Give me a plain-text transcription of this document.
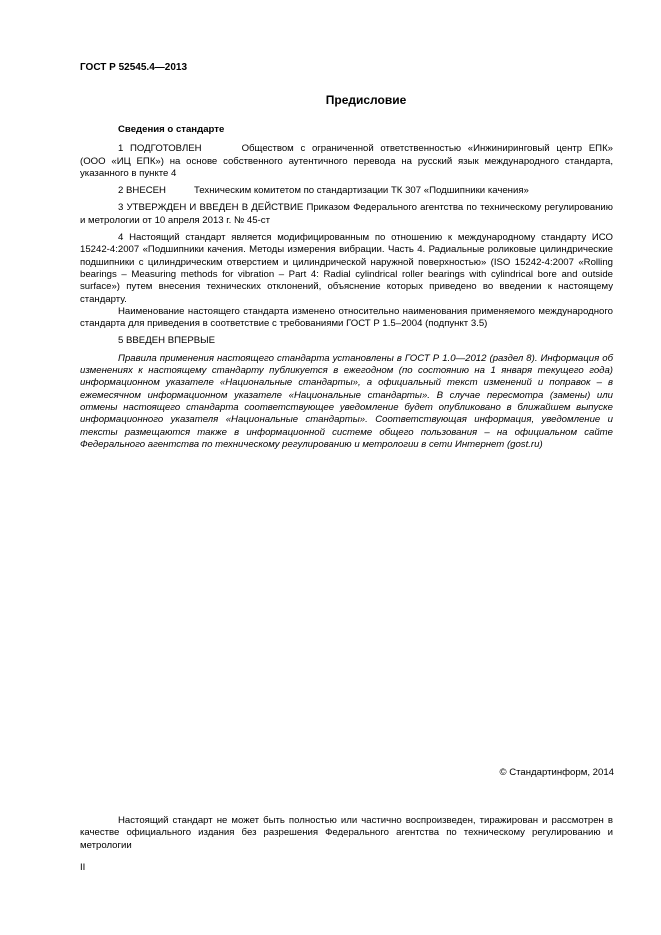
ГОСТ Р 52545.4—2013
Предисловие
Сведения о стандарте

1 ПОДГОТОВЛЕН	Обществом с ограниченной ответственностью «Инжиниринговый центр ЕПК» (ООО «ИЦ ЕПК») на основе собственного аутентичного перевода на русский язык международного стандарта, указанного в пункте 4

2 ВНЕСЕН	Техническим комитетом по стандартизации ТК 307 «Подшипники качения»

3 УТВЕРЖДЕН И ВВЕДЕН В ДЕЙСТВИЕ Приказом Федерального агентства по техническому регулированию и метрологии от 10 апреля 2013 г. № 45-ст

4 Настоящий стандарт является модифицированным по отношению к международному стандарту ИСО 15242-4:2007 «Подшипники качения. Методы измерения вибрации. Часть 4. Радиальные роликовые цилиндрические подшипники с цилиндрическим отверстием и цилиндрической наружной поверхностью» (ISO 15242-4:2007 «Rolling bearings – Measuring methods for vibration – Part 4: Radial cylindrical roller bearings with cylindrical bore and outside surface») путем внесения технических отклонений, объяснение которых приведено во введении к настоящему стандарту.

Наименование настоящего стандарта изменено относительно наименования применяемого международного стандарта для приведения в соответствие с требованиями ГОСТ Р 1.5–2004 (подпункт 3.5)

5 ВВЕДЕН ВПЕРВЫЕ

Правила применения настоящего стандарта установлены в ГОСТ Р 1.0—2012 (раздел 8). Информация об изменениях к настоящему стандарту публикуется в ежегодном (по состоянию на 1 января текущего года) информационном указателе «Национальные стандарты», а официальный текст изменений и поправок – в ежемесячном информационном указателе «Национальные стандарты». В случае пересмотра (замены) или отмены настоящего стандарта соответствующее уведомление будет опубликовано в ближайшем выпуске информационного указателя «Национальные стандарты». Соответствующая информация, уведомление и тексты размещаются также в информационной системе общего пользования – на официальном сайте Федерального агентства по техническому регулированию и метрологии в сети Интернет (gost.ru)

© Стандартинформ, 2014
Настоящий стандарт не может быть полностью или частично воспроизведен, тиражирован и рассмотрен в качестве официального издания без разрешения Федерального агентства по техническому регулированию и метрологии
II
